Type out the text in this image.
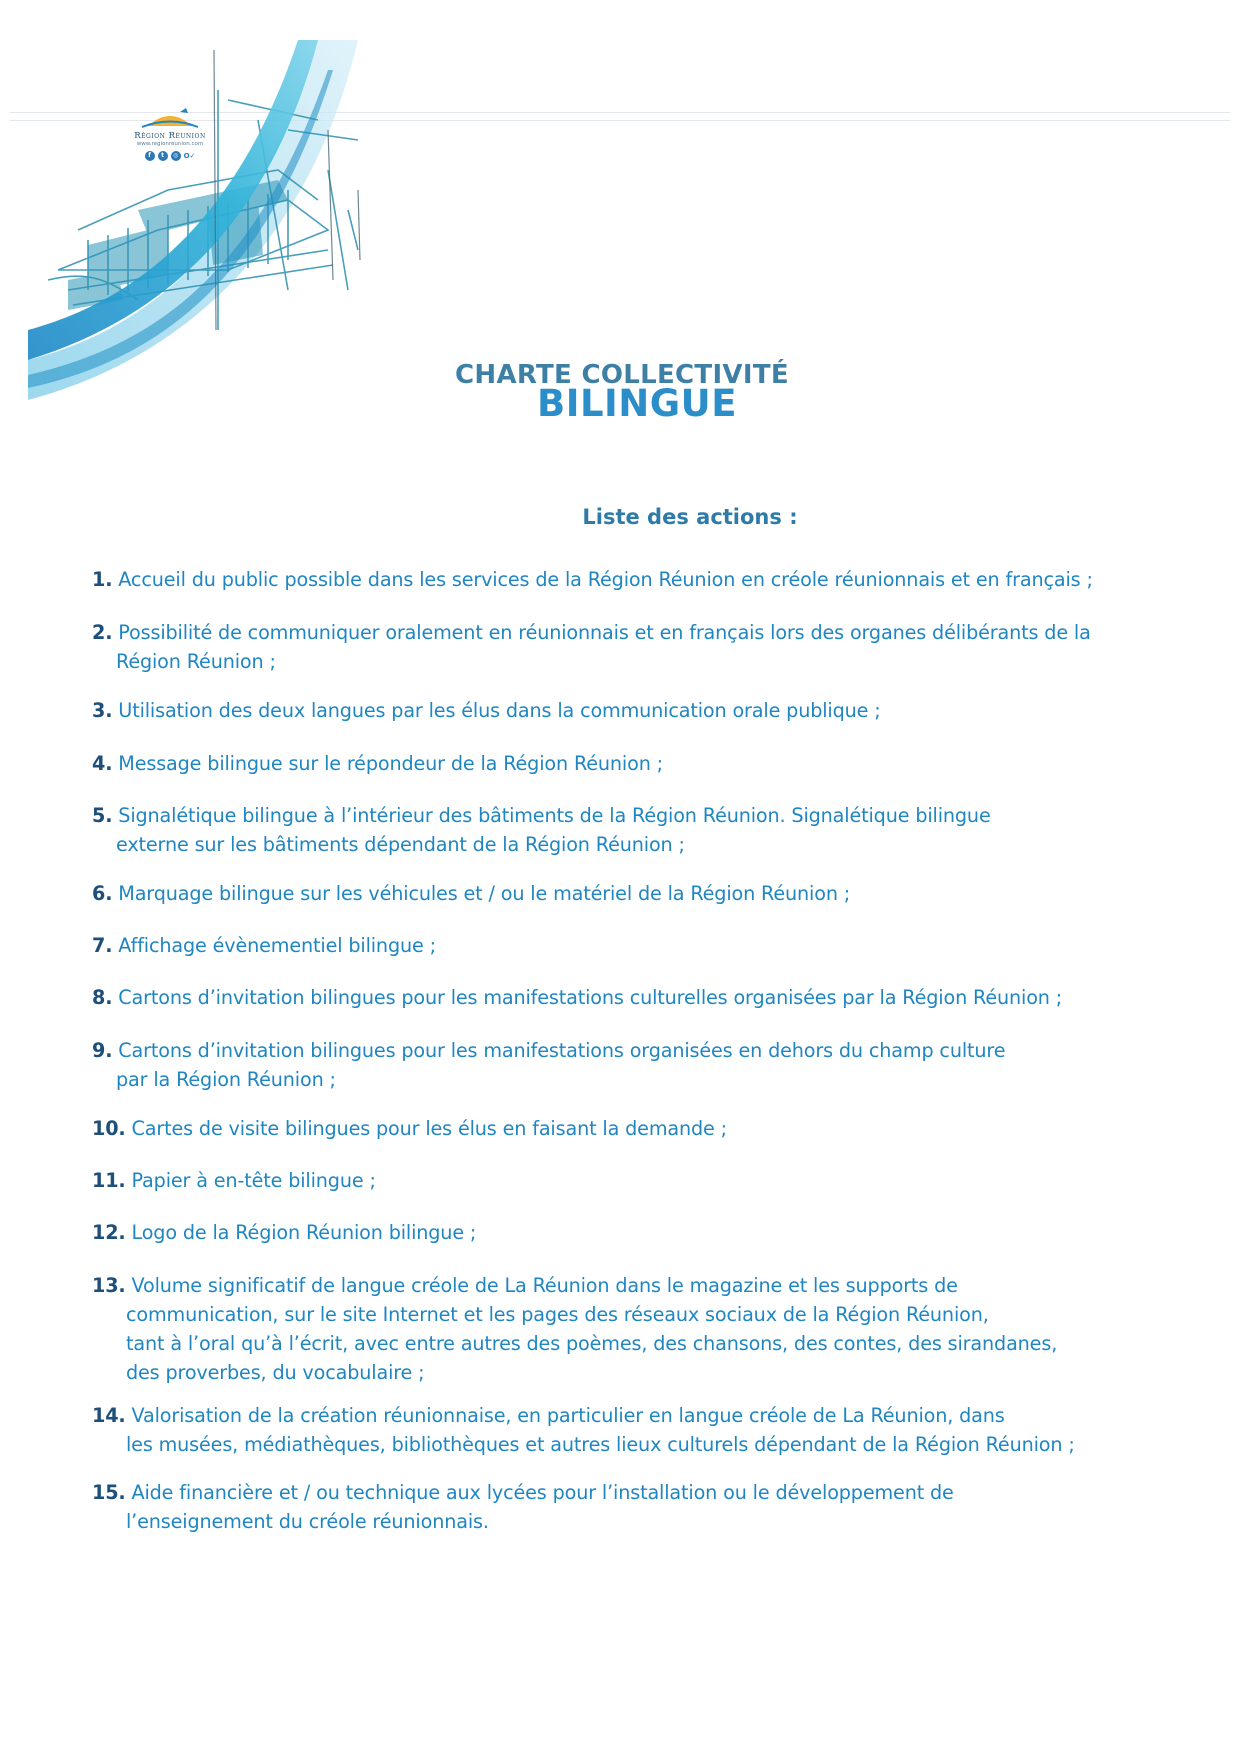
Région Réunion
www.regionreunion.com
f	t	◎ O✓
CHARTE COLLECTIVITÉ
BILINGUE
Liste des actions :
1. Accueil du public possible dans les services de la Région Réunion en créole réunionnais et en français ;
2. Possibilité de communiquer oralement en réunionnais et en français lors des organes délibérants de la
Région Réunion ;
3. Utilisation des deux langues par les élus dans la communication orale publique ;
4. Message bilingue sur le répondeur de la Région Réunion ;
5. Signalétique bilingue à l’intérieur des bâtiments de la Région Réunion. Signalétique bilingue
externe sur les bâtiments dépendant de la Région Réunion ;
6. Marquage bilingue sur les véhicules et / ou le matériel de la Région Réunion ;
7. Affichage évènementiel bilingue ;
8. Cartons d’invitation bilingues pour les manifestations culturelles organisées par la Région Réunion ;
9. Cartons d’invitation bilingues pour les manifestations organisées en dehors du champ culture
par la Région Réunion ;
10. Cartes de visite bilingues pour les élus en faisant la demande ;
11. Papier à en-tête bilingue ;
12. Logo de la Région Réunion bilingue ;
13. Volume significatif de langue créole de La Réunion dans le magazine et les supports de
communication, sur le site Internet et les pages des réseaux sociaux de la Région Réunion,
tant à l’oral qu’à l’écrit, avec entre autres des poèmes, des chansons, des contes, des sirandanes,
des proverbes, du vocabulaire ;
14. Valorisation de la création réunionnaise, en particulier en langue créole de La Réunion, dans
les musées, médiathèques, bibliothèques et autres lieux culturels dépendant de la Région Réunion ;
15. Aide financière et / ou technique aux lycées pour l’installation ou le développement de
l’enseignement du créole réunionnais.
